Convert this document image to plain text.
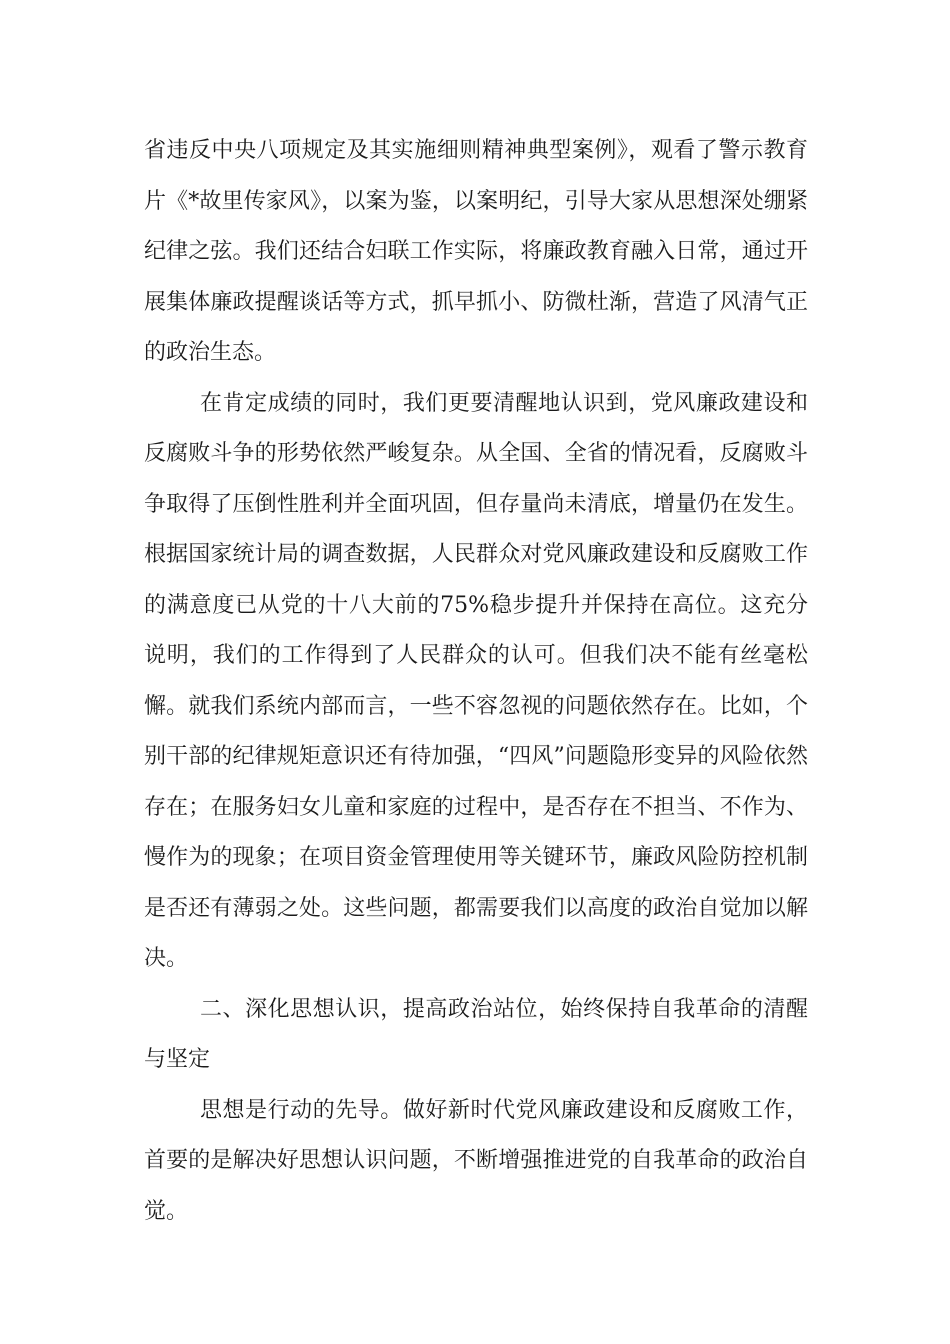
省违反中央八项规定及其实施细则精神典型案例》，观看了警示教育片《*故里传家风》，以案为鉴，以案明纪，引导大家从思想深处绷紧纪律之弦。我们还结合妇联工作实际，将廉政教育融入日常，通过开展集体廉政提醒谈话等方式，抓早抓小、防微杜渐，营造了风清气正的政治生态。

在肯定成绩的同时，我们更要清醒地认识到，党风廉政建设和反腐败斗争的形势依然严峻复杂。从全国、全省的情况看，反腐败斗争取得了压倒性胜利并全面巩固，但存量尚未清底，增量仍在发生。根据国家统计局的调查数据，人民群众对党风廉政建设和反腐败工作的满意度已从党的十八大前的75%稳步提升并保持在高位。这充分说明，我们的工作得到了人民群众的认可。但我们决不能有丝毫松懈。就我们系统内部而言，一些不容忽视的问题依然存在。比如，个别干部的纪律规矩意识还有待加强，“四风”问题隐形变异的风险依然存在；在服务妇女儿童和家庭的过程中，是否存在不担当、不作为、慢作为的现象；在项目资金管理使用等关键环节，廉政风险防控机制是否还有薄弱之处。这些问题，都需要我们以高度的政治自觉加以解决。

二、深化思想认识，提高政治站位，始终保持自我革命的清醒与坚定

思想是行动的先导。做好新时代党风廉政建设和反腐败工作，首要的是解决好思想认识问题，不断增强推进党的自我革命的政治自觉。
